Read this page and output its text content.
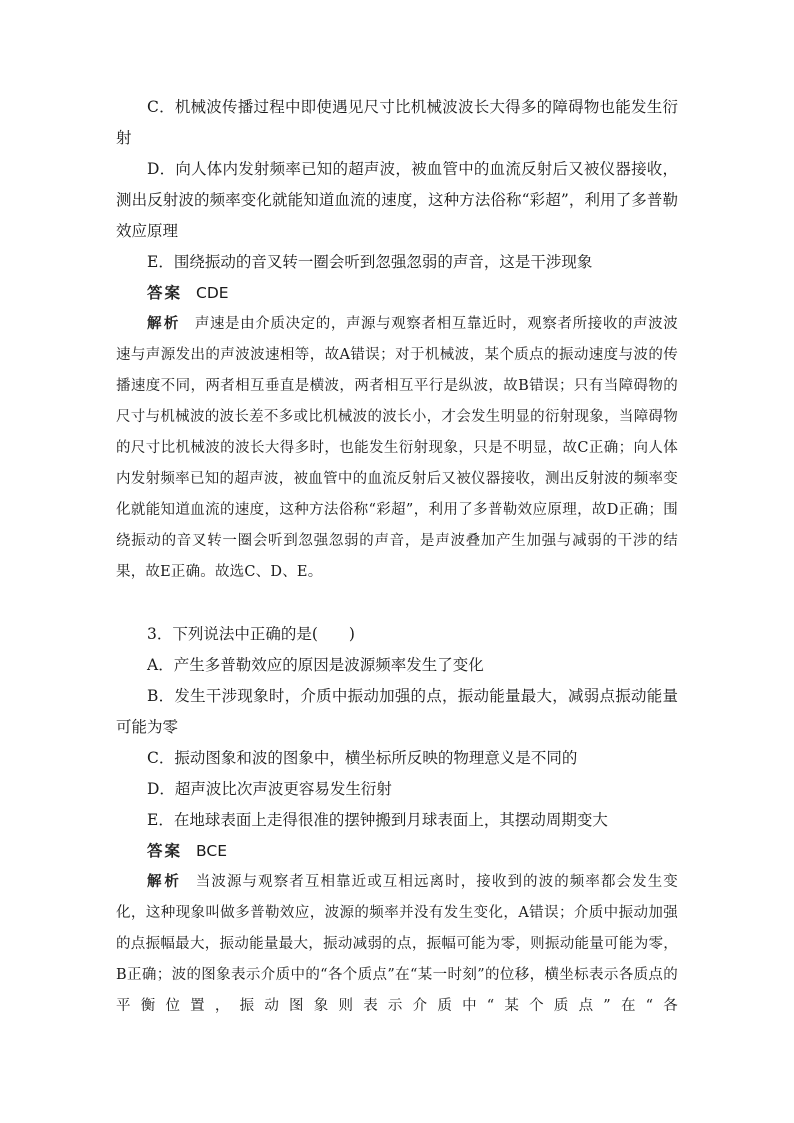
C．机械波传播过程中即使遇见尺寸比机械波波长大得多的障碍物也能发生衍射

D．向人体内发射频率已知的超声波，被血管中的血流反射后又被仪器接收，测出反射波的频率变化就能知道血流的速度，这种方法俗称“彩超”，利用了多普勒效应原理

E．围绕振动的音叉转一圈会听到忽强忽弱的声音，这是干涉现象

答案 CDE

解析 声速是由介质决定的，声源与观察者相互靠近时，观察者所接收的声波波速与声源发出的声波波速相等，故A错误；对于机械波，某个质点的振动速度与波的传播速度不同，两者相互垂直是横波，两者相互平行是纵波，故B错误；只有当障碍物的尺寸与机械波的波长差不多或比机械波的波长小，才会发生明显的衍射现象，当障碍物的尺寸比机械波的波长大得多时，也能发生衍射现象，只是不明显，故C正确；向人体内发射频率已知的超声波，被血管中的血流反射后又被仪器接收，测出反射波的频率变化就能知道血流的速度，这种方法俗称“彩超”，利用了多普勒效应原理，故D正确；围绕振动的音叉转一圈会听到忽强忽弱的声音，是声波叠加产生加强与减弱的干涉的结果，故E正确。故选C、D、E。

3．下列说法中正确的是(　　)

A．产生多普勒效应的原因是波源频率发生了变化

B．发生干涉现象时，介质中振动加强的点，振动能量最大，减弱点振动能量可能为零

C．振动图象和波的图象中，横坐标所反映的物理意义是不同的

D．超声波比次声波更容易发生衍射

E．在地球表面上走得很准的摆钟搬到月球表面上，其摆动周期变大

答案 BCE

解析 当波源与观察者互相靠近或互相远离时，接收到的波的频率都会发生变化，这种现象叫做多普勒效应，波源的频率并没有发生变化，A错误；介质中振动加强的点振幅最大，振动能量最大，振动减弱的点，振幅可能为零，则振动能量可能为零，B正确；波的图象表示介质中的“各个质点”在“某一时刻”的位移，横坐标表示各质点的平衡位置，振动图象则表示介质中“某个质点”在“各
